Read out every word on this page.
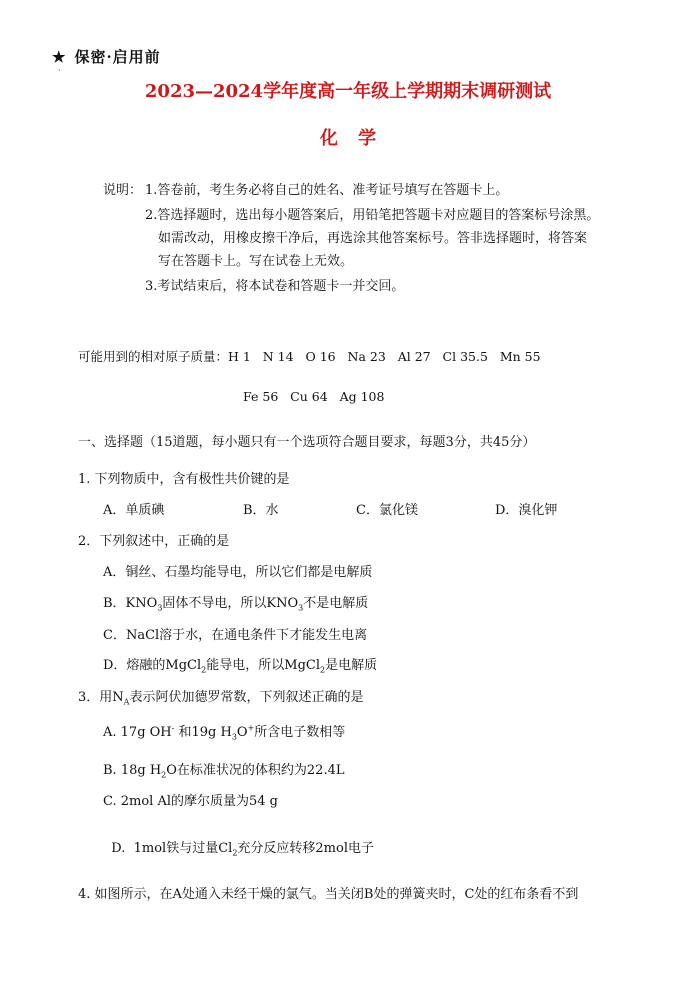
★ 保密·启用前
·
2023—2024学年度高一年级上学期期末调研测试
化 学
说明： 1.答卷前，考生务必将自己的姓名、准考证号填写在答题卡上。
2.答选择题时，选出每小题答案后，用铅笔把答题卡对应题目的答案标号涂黑。
如需改动，用橡皮擦干净后，再选涂其他答案标号。答非选择题时，将答案
写在答题卡上。写在试卷上无效。
3.考试结束后，将本试卷和答题卡一并交回。
可能用到的相对原子质量：H 1   N 14   O 16   Na 23   Al 27   Cl 35.5   Mn 55
Fe 56   Cu 64   Ag 108
一、选择题（15道题，每小题只有一个选项符合题目要求，每题3分，共45分）
1. 下列物质中，含有极性共价键的是
A．单质碘	B．水	C．氯化镁	D．溴化钾
2．下列叙述中，正确的是
A．铜丝、石墨均能导电，所以它们都是电解质
B．$KNO_3$固体不导电，所以$KNO_3$不是电解质
C．NaCl溶于水，在通电条件下才能发生电离
D．熔融的MgCl$_2$能导电，所以MgCl$_2$是电解质
3．用$N_A$表示阿伏加德罗常数，下列叙述正确的是
A. 17g OH- 和19g $H_3O^+$所含电子数相等
B. 18g $H_2O$在标准状况的体积约为22.4L
C. 2mol Al的摩尔质量为54 g

D.  1mol铁与过量$Cl_2$充分反应转移2mol电子

4. 如图所示，在A处通入未经干燥的氯气。当关闭B处的弹簧夹时，C处的红布条看不到
